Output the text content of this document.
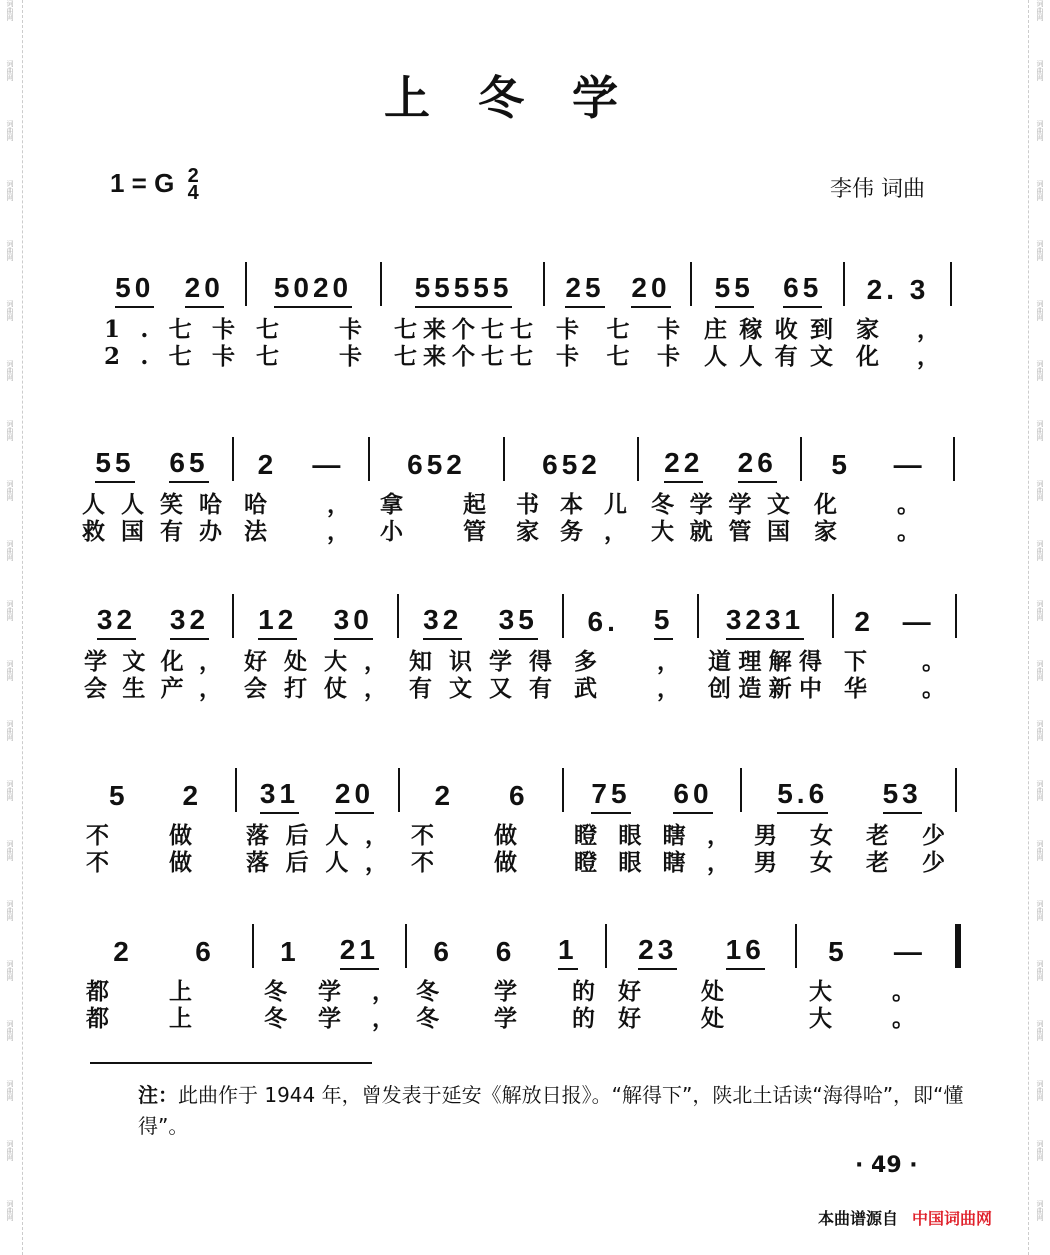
上冬学
1 = G 2
4	李伟 词曲
50 20
1.七卡
2.七卡
5020
七卡
七卡
55555
七来个七七
七来个七七
25 20
卡七卡
卡七卡
55 65
庄稼收到
人人有文
2. 3
家，
化，
55 65
人人笑哈
救国有办
2 —
哈，
法，
652
拿起
小管
652
书本儿
家务，
22 26
冬学学文
大就管国
5 —
化。
家。
32 32
学文化，
会生产，
12 30
好处大，
会打仗，
32 35
知识学得
有文又有
6. 5
多，
武，
3231
道理解得
创造新中
2 —
下。
华。
5 2
不做
不做
31 20
落后人，
落后人，
2 6
不做
不做
75 60
瞪眼瞎，
瞪眼瞎，
5.6 53
男女老少
男女老少
2 6
都上
都上
1 21
冬学，
冬学，
6 6 1
冬学的
冬学的
23 16
好处
好处
5 —
大。
大。
注：此曲作于 1944 年，曾发表于延安《解放日报》。“解得下”，陕北土话读“海得哈”，即“懂得”。
· 49 ·
本曲谱源自 中国词曲网
词曲网	词曲网
词曲网	词曲网
词曲网	词曲网
词曲网	词曲网
词曲网	词曲网
词曲网	词曲网
词曲网	词曲网
词曲网	词曲网
词曲网	词曲网
词曲网	词曲网
词曲网	词曲网
词曲网	词曲网
词曲网	词曲网
词曲网	词曲网
词曲网	词曲网
词曲网	词曲网
词曲网	词曲网
词曲网	词曲网
词曲网	词曲网
词曲网	词曲网
词曲网	词曲网
